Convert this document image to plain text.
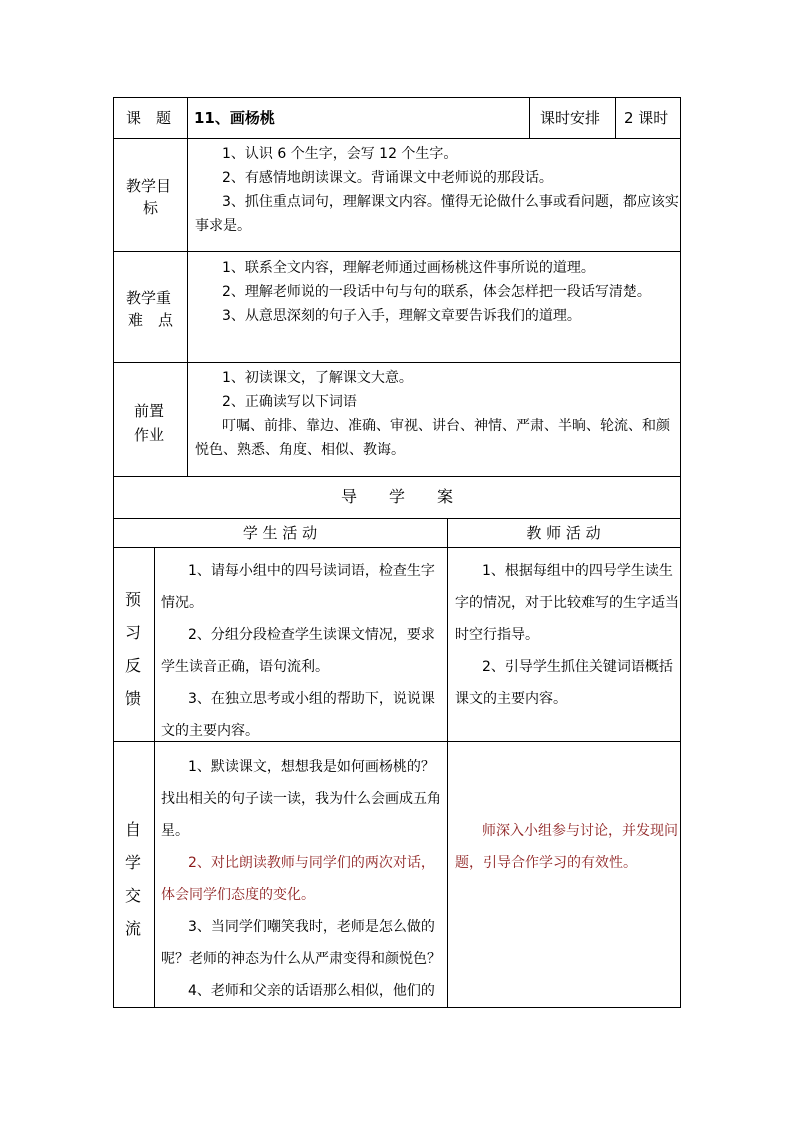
课　题 11、画杨桃	课时安排 2 课时
教学目
标
1、认识 6 个生字，会写 12 个生字。
2、有感情地朗读课文。背诵课文中老师说的那段话。
3、抓住重点词句，理解课文内容。懂得无论做什么事或看问题，都应该实
事求是。
教学重
难　点
1、联系全文内容，理解老师通过画杨桃这件事所说的道理。
2、理解老师说的一段话中句与句的联系，体会怎样把一段话写清楚。
3、从意思深刻的句子入手，理解文章要告诉我们的道理。
前置
作业
1、初读课文，了解课文大意。
2、正确读写以下词语
叮嘱、前排、靠边、准确、审视、讲台、神情、严肃、半晌、轮流、和颜
悦色、熟悉、角度、相似、教诲。
导　　学　　案
学 生 活 动	教 师 活 动
预
习
反
馈
1、请每小组中的四号读词语，检查生字
情况。
2、分组分段检查学生读课文情况，要求
学生读音正确，语句流利。
3、在独立思考或小组的帮助下，说说课
文的主要内容。
1、根据每组中的四号学生读生
字的情况，对于比较难写的生字适当
时空行指导。
2、引导学生抓住关键词语概括
课文的主要内容。
自
学
交
流
1、默读课文，想想我是如何画杨桃的？
找出相关的句子读一读，我为什么会画成五角
星。
2、对比朗读教师与同学们的两次对话，
体会同学们态度的变化。
3、当同学们嘲笑我时，老师是怎么做的
呢？老师的神态为什么从严肃变得和颜悦色？
4、老师和父亲的话语那么相似，他们的
师深入小组参与讨论，并发现问
题，引导合作学习的有效性。
